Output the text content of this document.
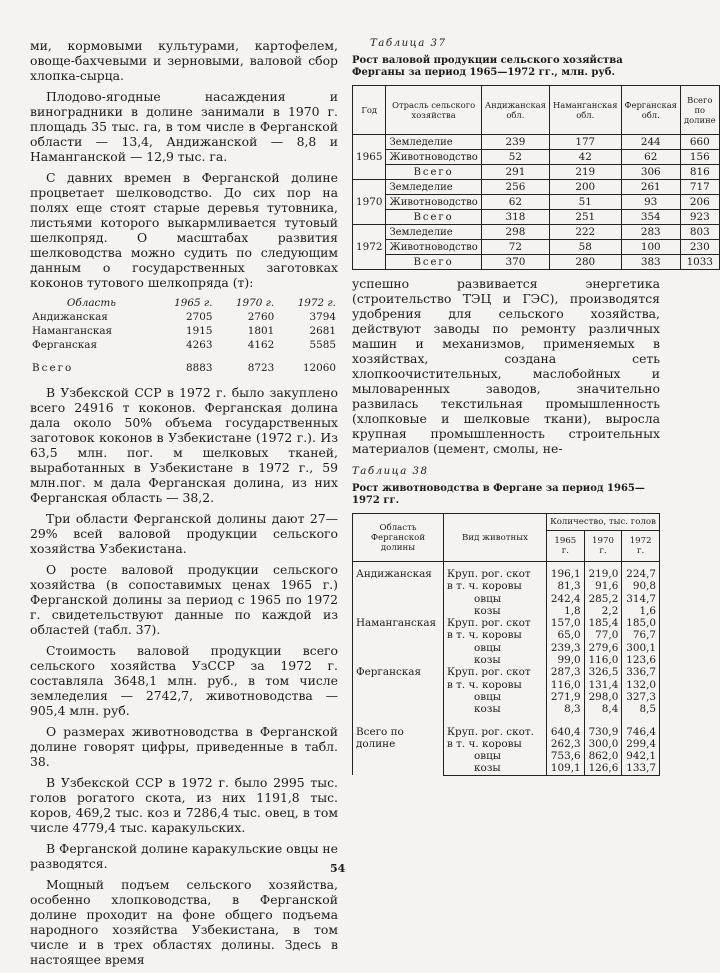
ми, кормовыми культурами, картофелем, овоще-бахчевыми и зерновыми, валовой сбор хлопка-сырца.

Плодово-ягодные насаждения и виноградники в долине занимали в 1970 г. площадь 35 тыс. га, в том числе в Ферганской области — 13,4, Андижанской — 8,8 и Наманганской — 12,9 тыс. га.

С давних времен в Ферганской долине процветает шелководство. До сих пор на полях еще стоят старые деревья тутовника, листьями которого выкармливается тутовый шелкопряд. О масштабах развития шелководства можно судить по следующим данным о государственных заготовках коконов тутового шелкопряда (т):

Область	1965 г.	1970 г.	1972 г.
Андижанская	2705	2760	3794
Наманганская	1915	1801	2681
Ферганская	4263	4162	5585
Всего	8883	8723	12060

В Узбекской ССР в 1972 г. было закуплено всего 24916 т коконов. Ферганская долина дала около 50% объема государственных заготовок коконов в Узбекистане (1972 г.). Из 63,5 млн. пог. м шелковых тканей, выработанных в Узбекистане в 1972 г., 59 млн.пог. м дала Ферганская долина, из них Ферганская область — 38,2.

Три области Ферганской долины дают 27—29% всей валовой продукции сельского хозяйства Узбекистана.

О росте валовой продукции сельского хозяйства (в сопоставимых ценах 1965 г.) Ферганской долины за период с 1965 по 1972 г. свидетельствуют данные по каждой из областей (табл. 37).

Стоимость валовой продукции всего сельского хозяйства УзССР за 1972 г. составляла 3648,1 млн. руб., в том числе земледелия — 2742,7, животноводства —905,4 млн. руб.

О размерах животноводства в Ферганской долине говорят цифры, приведенные в табл. 38.

В Узбекской ССР в 1972 г. было 2995 тыс. голов рогатого скота, из них 1191,8 тыс. коров, 469,2 тыс. коз и 7286,4 тыс. овец, в том числе 4779,4 тыс. каракульских.

В Ферганской долине каракульские овцы не разводятся.

Мощный подъем сельского хозяйства, особенно хлопководства, в Ферганской долине проходит на фоне общего подъема народного хозяйства Узбекистана, в том числе и в трех областях долины. Здесь в настоящее время

Таблица 37
Рост валовой продукции сельского хозяйства Ферганы за период 1965—1972 гг., млн. руб.
Год	Отрасль сельского хозяйства	Андижанская обл.	Наманганская обл.	Ферганская обл.	Всего по долине
1965	Земледелие	239	177	244	660
	Животноводство	52	42	62	156
	Всего	291	219	306	816
1970	Земледелие	256	200	261	717
	Животноводство	62	51	93	206
	Всего	318	251	354	923
1972	Земледелие	298	222	283	803
	Животноводство	72	58	100	230
	Всего	370	280	383	1033

успешно развивается энергетика (строительство ТЭЦ и ГЭС), производятся удобрения для сельского хозяйства, действуют заводы по ремонту различных машин и механизмов, применяемых в хозяйствах, создана сеть хлопкоочистительных, маслобойных и мыловаренных заводов, значительно развилась текстильная промышленность (хлопковые и шелковые ткани), выросла крупная промышленность строительных материалов (цемент, смолы, не-

Таблица 38
Рост животноводства в Фергане за период 1965—1972 гг.
Область Ферганской долины	Вид животных	Количество, тыс. голов		
		1965 г.	1970 г.	1972 г.
Андижанская	Круп. рог. скот	196,1	219,0	224,7
	в т. ч. коровы	81,3	91,6	90,8
	овцы	242,4	285,2	314,7
	козы	1,8	2,2	1,6
Наманганская	Круп. рог. скот	157,0	185,4	185,0
	в т. ч. коровы	65,0	77,0	76,7
	овцы	239,3	279,6	300,1
	козы	99,0	116,0	123,6
Ферганская	Круп. рог. скот	287,3	326,5	336,7
	в т. ч. коровы	116,0	131,4	132,0
	овцы	271,9	298,0	327,3
	козы	8,3	8,4	8,5
Всего по долине	Круп. рог. скот.	640,4	730,9	746,4
	в т. ч. коровы	262,3	300,0	299,4
	овцы	753,6	862,0	942,1
	козы	109,1	126,6	133,7
54
